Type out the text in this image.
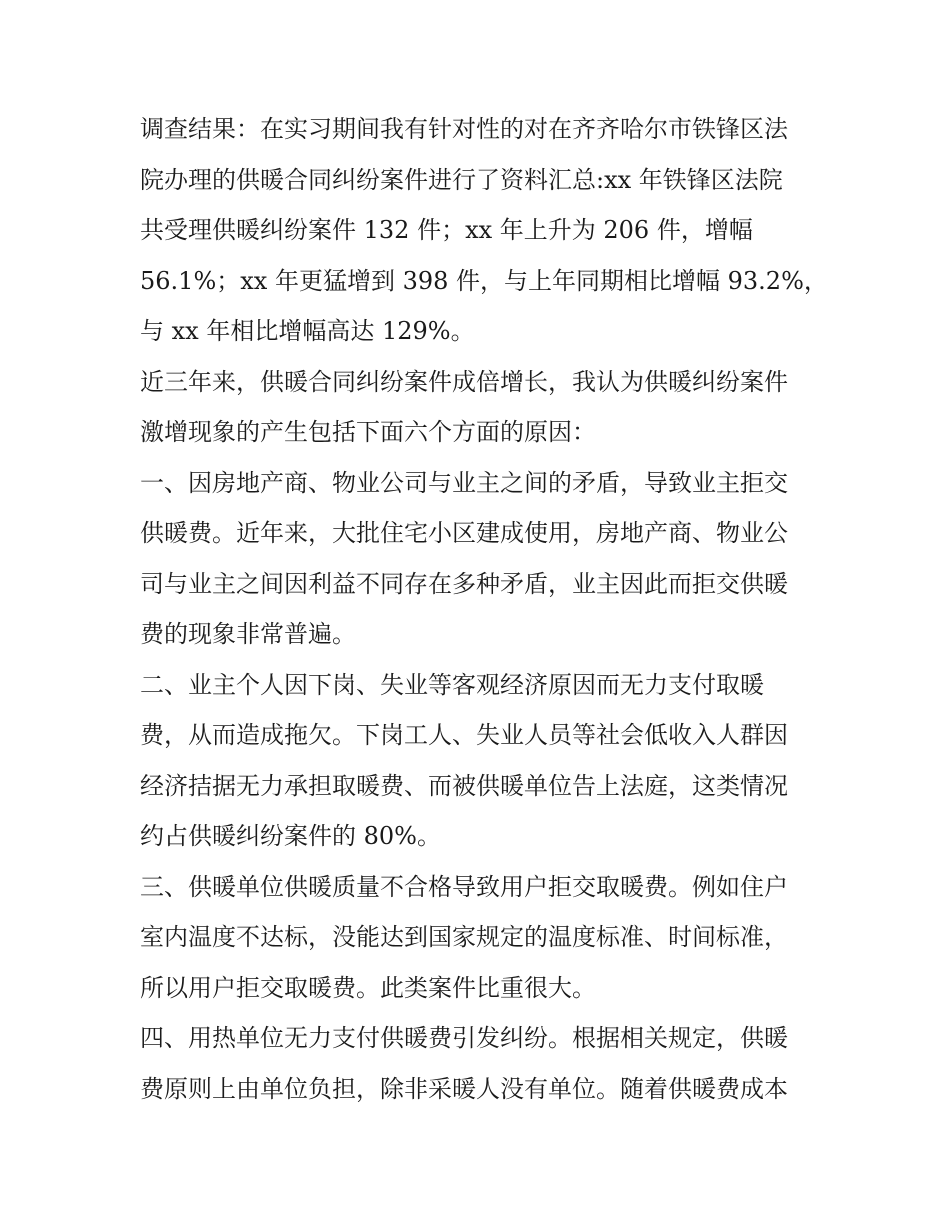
调查结果：在实习期间我有针对性的对在齐齐哈尔市铁锋区法
院办理的供暖合同纠纷案件进行了资料汇总:xx 年铁锋区法院
共受理供暖纠纷案件 132 件；xx 年上升为 206 件，增幅
56.1%；xx 年更猛增到 398 件，与上年同期相比增幅 93.2%，
与 xx 年相比增幅高达 129%。
近三年来，供暖合同纠纷案件成倍增长，我认为供暖纠纷案件
激增现象的产生包括下面六个方面的原因：
一、因房地产商、物业公司与业主之间的矛盾，导致业主拒交
供暖费。近年来，大批住宅小区建成使用，房地产商、物业公
司与业主之间因利益不同存在多种矛盾，业主因此而拒交供暖
费的现象非常普遍。
二、业主个人因下岗、失业等客观经济原因而无力支付取暖
费，从而造成拖欠。下岗工人、失业人员等社会低收入人群因
经济拮据无力承担取暖费、而被供暖单位告上法庭，这类情况
约占供暖纠纷案件的 80%。
三、供暖单位供暖质量不合格导致用户拒交取暖费。例如住户
室内温度不达标，没能达到国家规定的温度标准、时间标准，
所以用户拒交取暖费。此类案件比重很大。
四、用热单位无力支付供暖费引发纠纷。根据相关规定，供暖
费原则上由单位负担，除非采暖人没有单位。随着供暖费成本
